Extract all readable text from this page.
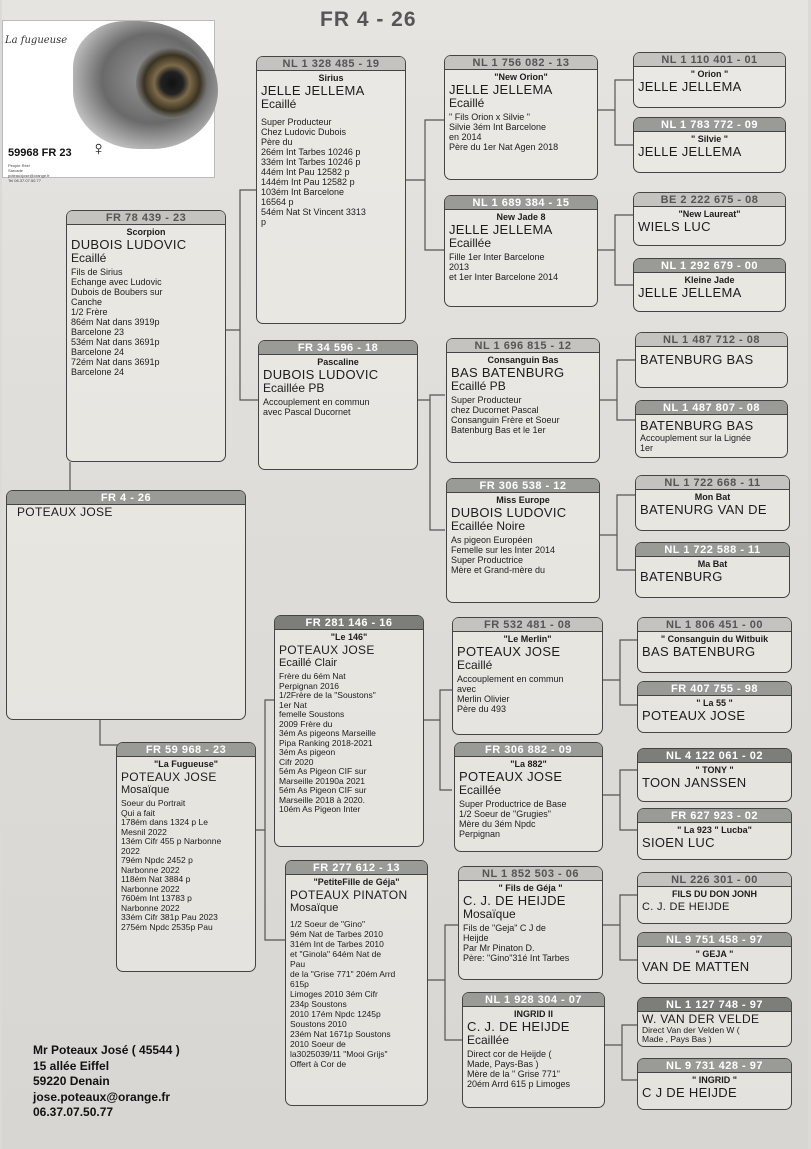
FR 4 - 26
La fugueuse
59968 FR 23 ♀
Peuple Réel
Sarcade
poteauxjose@orange.fr
Tel 06.37.07.50.77
FR 4 - 26
POTEAUX JOSE
FR 78 439 - 23
Scorpion
DUBOIS LUDOVIC
Ecaillé
Fils de Sirius
Echange avec Ludovic
Dubois de Boubers sur
Canche
1/2 Frère
86ém Nat dans 3919p
Barcelone 23
53ém Nat dans 3691p
Barcelone 24
72ém Nat dans 3691p
Barcelone 24
FR 59 968 - 23
"La Fugueuse"
POTEAUX JOSE
Mosaïque
Soeur du Portrait
Qui a fait
178ém dans 1324 p Le
Mesnil 2022
13ém Cifr 455 p Narbonne
2022
79ém Npdc 2452 p
Narbonne 2022
118ém Nat 3884 p
Narbonne 2022
760ém Int 13783 p
Narbonne 2022
33ém Cifr 381p Pau 2023
275ém Npdc 2535p Pau
NL 1 328 485 - 19
Sirius
JELLE JELLEMA
Ecaillé
Super Producteur
Chez Ludovic Dubois
Père du
26ém Int Tarbes 10246 p
33ém Int Tarbes 10246 p
44ém Int Pau 12582 p
144ém Int Pau 12582 p
103ém Int Barcelone
16564 p
54ém Nat St Vincent 3313
p
FR 34 596 - 18
Pascaline
DUBOIS LUDOVIC
Ecaillée PB
Accouplement en commun
avec Pascal Ducornet
FR 281 146 - 16
"Le 146"
POTEAUX JOSE
Ecaillé Clair
Frère du 6ém Nat
Perpignan 2016
1/2Frère de la "Soustons"
1er Nat
femelle Soustons
2009 Frère du
3ém As pigeons Marseille
Pipa Ranking 2018-2021
3ém As pigeon
Cifr 2020
5ém As Pigeon CIF sur
Marseille 20190a 2021
5ém As Pigeon CIF sur
Marseille 2018 à 2020.
10ém As Pigeon Inter
FR 277 612 - 13
"PetiteFille de Géja"
POTEAUX PINATON
Mosaïque
1/2 Soeur de "Gino"
9ém Nat de Tarbes 2010
31ém Int de Tarbes 2010
et "Ginola" 64ém Nat de
Pau
de la "Grise 771" 20ém Arrd
615p
Limoges 2010 3ém Cifr
234p Soustons
2010 17ém Npdc 1245p
Soustons 2010
23ém Nat 1671p Soustons
2010 Soeur de
la3025039/11 "Mooi Grijs"
Offert à Cor de
NL 1 756 082 - 13
"New Orion"
JELLE JELLEMA
Ecaillé
" Fils Orion x Silvie "
Silvie 3ém Int Barcelone
en 2014
Père du 1er Nat Agen 2018
NL 1 689 384 - 15
New Jade 8
JELLE JELLEMA
Ecaillée
Fille 1er Inter Barcelone
2013
et 1er Inter Barcelone 2014
NL 1 696 815 - 12
Consanguin Bas
BAS BATENBURG
Ecaillé PB
Super Producteur
chez Ducornet Pascal
Consanguin Frère et Soeur
Batenburg Bas et le 1er
FR 306 538 - 12
Miss Europe
DUBOIS LUDOVIC
Ecaillée Noire
As pigeon Européen
Femelle sur les Inter 2014
Super Productrice
Mère et Grand-mère du
FR 532 481 - 08
"Le Merlin"
POTEAUX JOSE
Ecaillé
Accouplement en commun
avec
Merlin Olivier
Père du 493
FR 306 882 - 09
"La 882"
POTEAUX JOSE
Ecaillée
Super Productrice de Base
1/2 Soeur de "Grugies"
Mère du 3ém Npdc
Perpignan
NL 1 852 503 - 06
" Fils de Géja "
C. J. DE HEIJDE
Mosaïque
Fils de "Geja" C J de
Heijde
Par Mr Pinaton D.
Père: "Gino"31é Int Tarbes
NL 1 928 304 - 07
INGRID II
C. J. DE HEIJDE
Ecaillée
Direct cor de Heijde (
Made, Pays-Bas )
Mère de la " Grise 771"
20ém Arrd 615 p Limoges
NL 1 110 401 - 01
" Orion "
JELLE JELLEMA
NL 1 783 772 - 09
" Silvie "
JELLE JELLEMA
BE 2 222 675 - 08
"New Laureat"
WIELS LUC
NL 1 292 679 - 00
Kleine Jade
JELLE JELLEMA
NL 1 487 712 - 08
BATENBURG BAS
NL 1 487 807 - 08
BATENBURG BAS
Accouplement sur la Lignée
1er
NL 1 722 668 - 11
Mon Bat
BATENURG VAN DE
NL 1 722 588 - 11
Ma Bat
BATENBURG
NL 1 806 451 - 00
" Consanguin du Witbuik
BAS BATENBURG
FR 407 755 - 98
" La 55 "
POTEAUX JOSE
NL 4 122 061 - 02
" TONY "
TOON JANSSEN
FR 627 923 - 02
" La 923 " Lucba"
SIOEN LUC
NL 226 301 - 00
FILS DU DON JONH
C. J. DE HEIJDE
NL 9 751 458 - 97
" GEJA "
VAN DE MATTEN
NL 1 127 748 - 97
W. VAN DER VELDE
Direct Van der Velden W (
Made , Pays Bas )
NL 9 731 428 - 97
" INGRID "
C J DE HEIJDE
Mr Poteaux José ( 45544 )
15 allée Eiffel
59220 Denain
jose.poteaux@orange.fr
06.37.07.50.77
